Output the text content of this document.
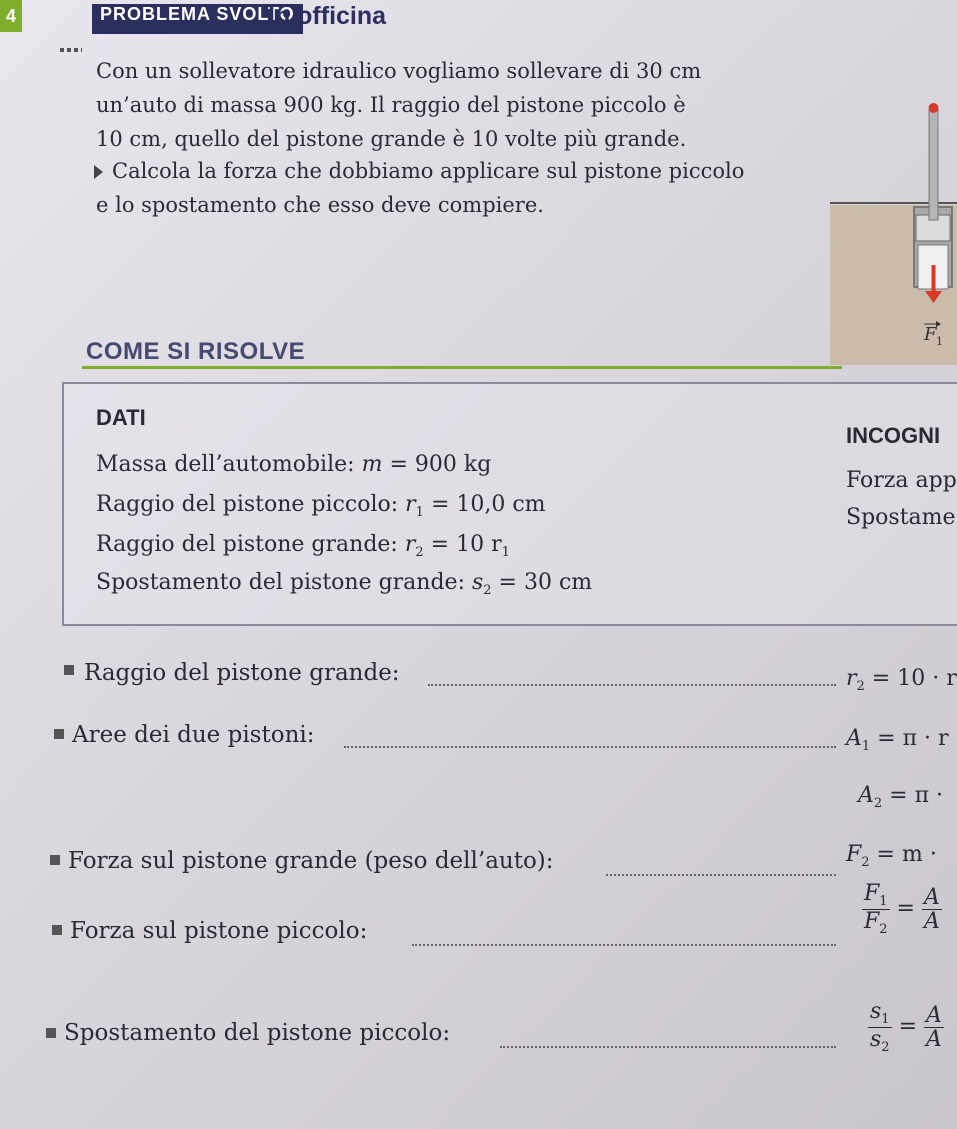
4	PROBLEMA SVOLTO
In officina
Con un sollevatore idraulico vogliamo sollevare di 30 cm
un’auto di massa 900 kg. Il raggio del pistone piccolo è
10 cm, quello del pistone grande è 10 volte più grande.
Calcola la forza che dobbiamo applicare sul pistone piccolo
e lo spostamento che esso deve compiere.
F 1
COME SI RISOLVE
DATI
INCOGNI
Massa dell’automobile: m = 900 kg
Raggio del pistone piccolo: $r_1 = 10,0$ cm
Raggio del pistone grande: $r_2 = 10$ $r_1$
Spostamento del pistone grande: $s_2 = 30$ cm
Forza app
Spostame
Raggio del pistone grande:	$r_2 = 10 \cdot r$
Aree dei due pistoni:	$A_1 = \pi \cdot r$
$A_2 = \pi$ ·
Forza sul pistone grande (peso dell’auto):	$F_2 = m$ ·
Forza sul pistone piccolo:	$\frac{F_1}{F_2} = \frac{A}{A}$
Spostamento del pistone piccolo:	$\frac{s_1}{s_2} = \frac{A}{A}$
